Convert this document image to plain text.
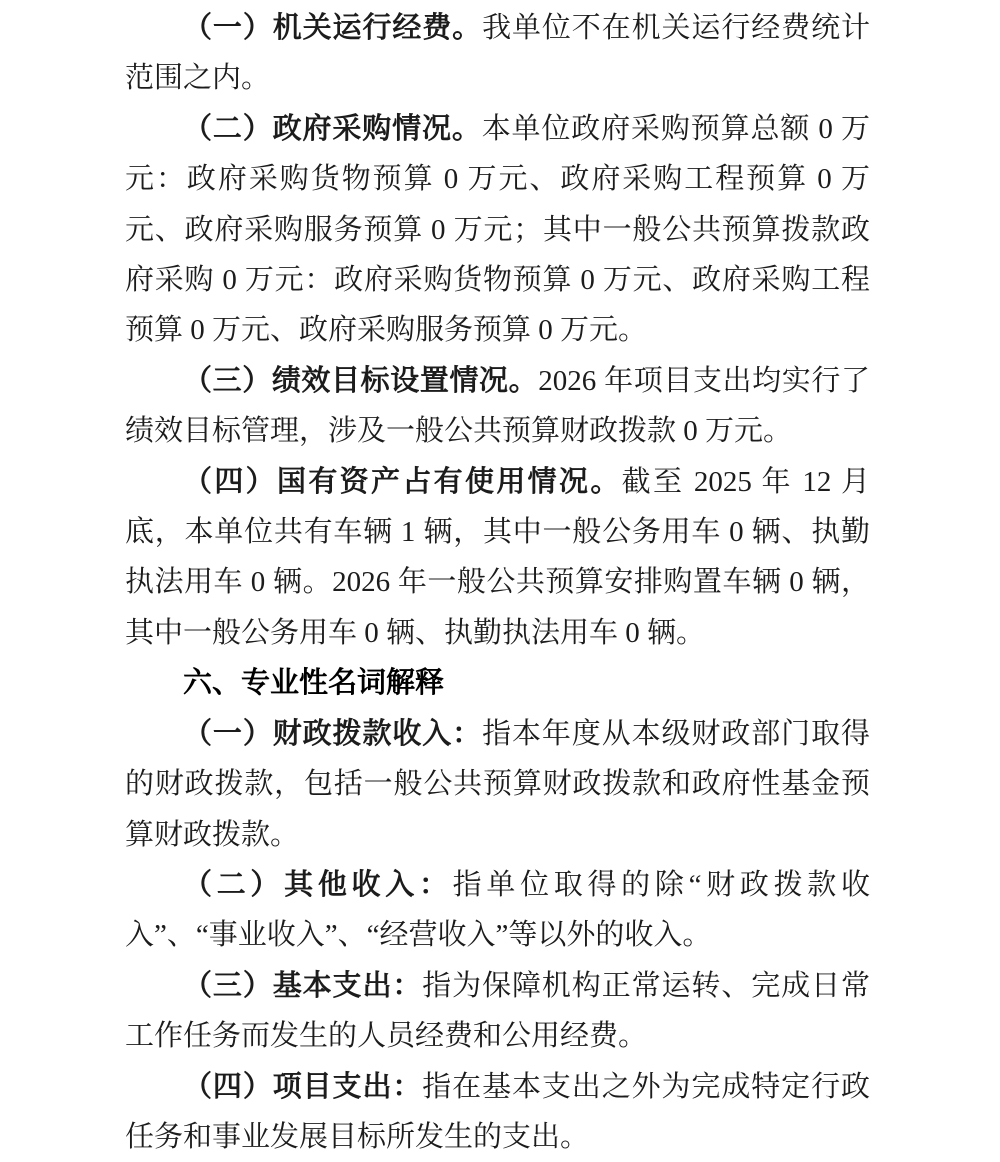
（一）机关运行经费。我单位不在机关运行经费统计范围之内。

（二）政府采购情况。本单位政府采购预算总额 0 万元：政府采购货物预算 0 万元、政府采购工程预算 0 万元、政府采购服务预算 0 万元；其中一般公共预算拨款政府采购 0 万元：政府采购货物预算 0 万元、政府采购工程预算 0 万元、政府采购服务预算 0 万元。

（三）绩效目标设置情况。2026 年项目支出均实行了绩效目标管理，涉及一般公共预算财政拨款 0 万元。

（四）国有资产占有使用情况。截至 2025 年 12 月底，本单位共有车辆 1 辆，其中一般公务用车 0 辆、执勤执法用车 0 辆。2026 年一般公共预算安排购置车辆 0 辆，其中一般公务用车 0 辆、执勤执法用车 0 辆。

六、专业性名词解释

（一）财政拨款收入：指本年度从本级财政部门取得的财政拨款，包括一般公共预算财政拨款和政府性基金预算财政拨款。

（二）其他收入：指单位取得的除“财政拨款收入”、“事业收入”、“经营收入”等以外的收入。

（三）基本支出：指为保障机构正常运转、完成日常工作任务而发生的人员经费和公用经费。

（四）项目支出：指在基本支出之外为完成特定行政任务和事业发展目标所发生的支出。
